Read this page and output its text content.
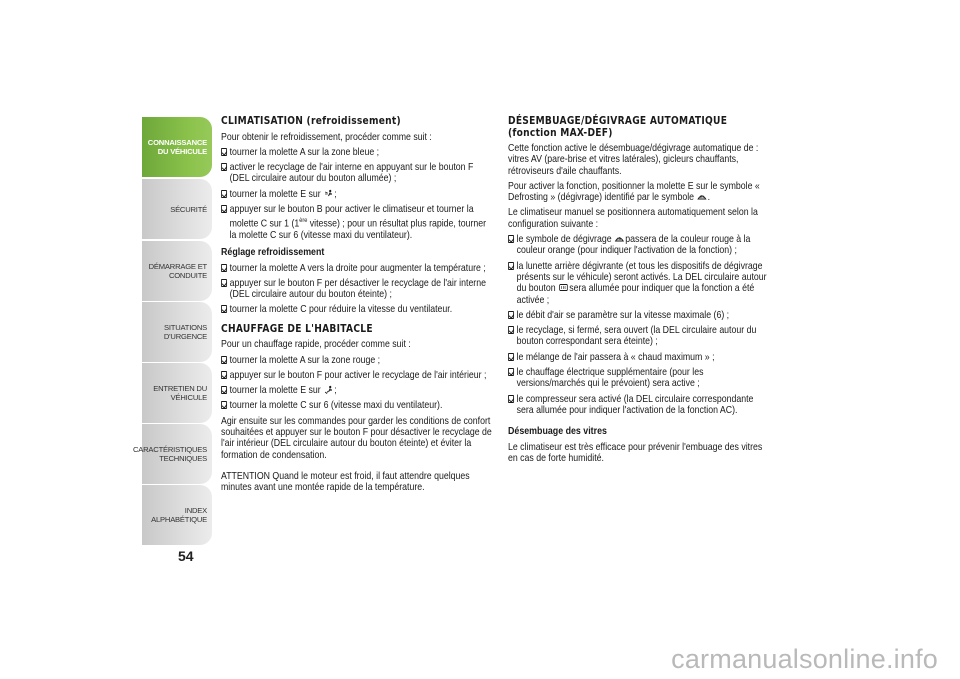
CONNAISSANCE
DU VÉHICULE
SÉCURITÉ
DÉMARRAGE ET
CONDUITE
SITUATIONS
D'URGENCE
ENTRETIEN DU
VÉHICULE
CARACTÉRISTIQUES
TECHNIQUES
INDEX
ALPHABÉTIQUE
54
CLIMATISATION (refroidissement)

Pour obtenir le refroidissement, procéder comme suit :

tourner la molette A sur la zone bleue ;
activer le recyclage de l'air interne en appuyant sur le bouton F (DEL circulaire autour du bouton allumée) ;
tourner la molette E sur ;
appuyer sur le bouton B pour activer le climatiseur et tourner la molette C sur 1 (1ère vitesse) ; pour un résultat plus rapide, tourner la molette C sur 6 (vitesse maxi du ventilateur).
Réglage refroidissement
tourner la molette A vers la droite pour augmenter la température ;
appuyer sur le bouton F per désactiver le recyclage de l'air interne (DEL circulaire autour du bouton éteinte) ;
tourner la molette C pour réduire la vitesse du ventilateur.
CHAUFFAGE DE L'HABITACLE

Pour un chauffage rapide, procéder comme suit :

tourner la molette A sur la zone rouge ;
appuyer sur le bouton F pour activer le recyclage de l'air intérieur ;
tourner la molette E sur ;
tourner la molette C sur 6 (vitesse maxi du ventilateur).

Agir ensuite sur les commandes pour garder les conditions de confort souhaitées et appuyer sur le bouton F pour désactiver le recyclage de l'air intérieur (DEL circulaire autour du bouton éteinte) et éviter la formation de condensation.

ATTENTION Quand le moteur est froid, il faut attendre quelques minutes avant une montée rapide de la température.

DÉSEMBUAGE/DÉGIVRAGE AUTOMATIQUE (fonction MAX-DEF)

Cette fonction active le désembuage/dégivrage automatique de : vitres AV (pare-brise et vitres latérales), gicleurs chauffants, rétroviseurs d'aile chauffants.

Pour activer la fonction, positionner la molette E sur le symbole « Defrosting » (dégivrage) identifié par le symbole .

Le climatiseur manuel se positionnera automatiquement selon la configuration suivante :

le symbole de dégivrage passera de la couleur rouge à la couleur orange (pour indiquer l'activation de la fonction) ;
la lunette arrière dégivrante (et tous les dispositifs de dégivrage présents sur le véhicule) seront activés. La DEL circulaire autour du bouton sera allumée pour indiquer que la fonction a été activée ;
le débit d'air se paramètre sur la vitesse maximale (6) ;
le recyclage, si fermé, sera ouvert (la DEL circulaire autour du bouton correspondant sera éteinte) ;
le mélange de l'air passera à « chaud maximum » ;
le chauffage électrique supplémentaire (pour les versions/marchés qui le prévoient) sera active ;
le compresseur sera activé (la DEL circulaire correspondante sera allumée pour indiquer l'activation de la fonction AC).
Désembuage des vitres

Le climatiseur est très efficace pour prévenir l'embuage des vitres en cas de forte humidité.

carmanualsonline.info
